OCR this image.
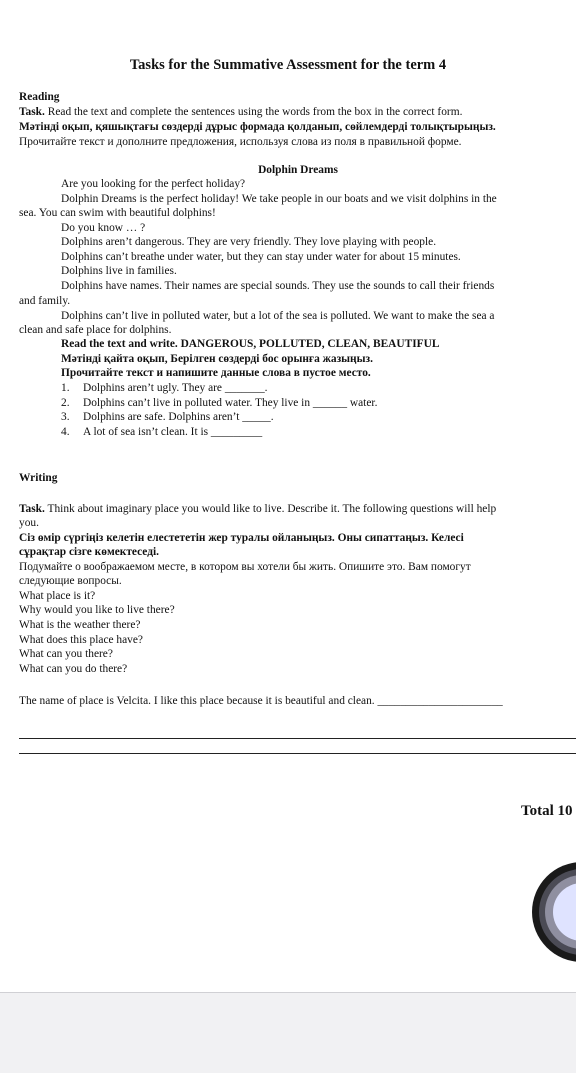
Tasks for the Summative Assessment for the term 4
Reading
Task. Read the text and complete the sentences using the words from the box in the correct form.
Мәтінді оқып, қяшықтағы сөздерді дұрыс формада қолданып, сөйлемдерді толықтырыңыз.
Прочитайте текст и дополните предложения, используя слова из поля в правильной форме.
Dolphin Dreams
Are you looking for the perfect holiday?
Dolphin Dreams is the perfect holiday! We take people in our boats and we visit dolphins in the
sea. You can swim with beautiful dolphins!
Do you know … ?
Dolphins aren’t dangerous. They are very friendly. They love playing with people.
Dolphins can’t breathe under water, but they can stay under water for about 15 minutes.
Dolphins live in families.
Dolphins have names. Their names are special sounds. They use the sounds to call their friends
and family.
Dolphins can’t live in polluted water, but a lot of the sea is polluted. We want to make the sea a
clean and safe place for dolphins.
Read the text and write. DANGEROUS, POLLUTED, CLEAN, BEAUTIFUL
Мәтінді қайта оқып, Берілген сөздерді бос орынға жазыңыз.
Прочитайте текст и напишите данные слова в пустое место.
1. Dolphins aren’t ugly. They are _______.
2. Dolphins can’t live in polluted water. They live in ______ water.
3. Dolphins are safe. Dolphins aren’t _____.
4. A lot of sea isn’t clean. It is _________
Writing
Task. Think about imaginary place you would like to live. Describe it. The following questions will help
you.
Сіз өмір сүргіңіз келетін елестететін жер туралы ойланыңыз. Оны сипаттаңыз. Келесі
сұрақтар сізге көмектеседі.
Подумайте о воображаемом месте, в котором вы хотели бы жить. Опишите это. Вам помогут
следующие вопросы.
What place is it?
Why would you like to live there?
What is the weather there?
What does this place have?
What can you there?
What can you do there?
The name of place is Velcita. I like this place because it is beautiful and clean. ______________________
Total 10
